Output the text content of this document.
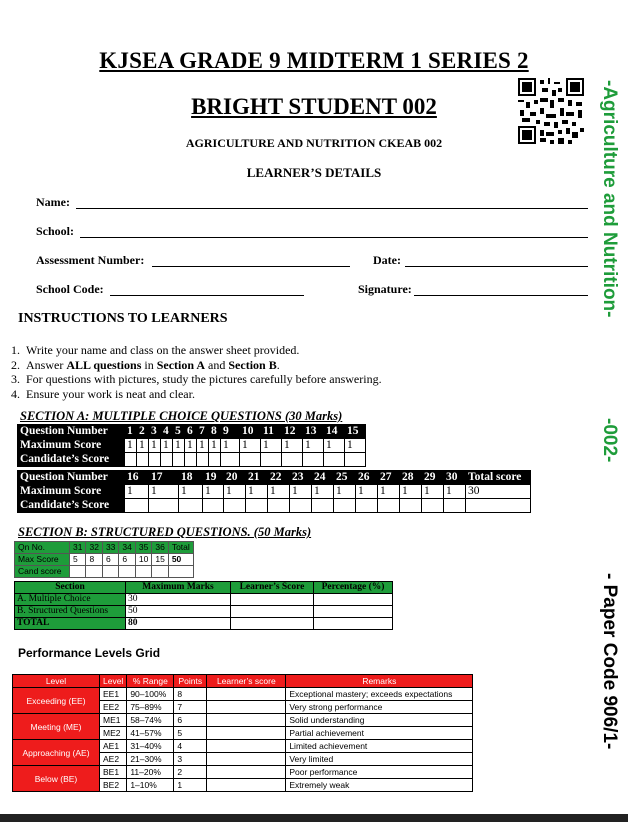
KJSEA GRADE 9 MIDTERM 1 SERIES 2
BRIGHT STUDENT 002
AGRICULTURE AND NUTRITION CKEAB 002
LEARNER’S DETAILS	-Agriculture and Nutrition-
-002-
- Paper Code 906/1-
Name:
School:
Assessment Number:	Date:
School Code:	Signature:
INSTRUCTIONS TO LEARNERS
1. Write your name and class on the answer sheet provided.
2. Answer ALL questions in Section A and Section B.
3. For questions with pictures, study the pictures carefully before answering.
4. Ensure your work is neat and clear.
SECTION A: MULTIPLE CHOICE QUESTIONS (30 Marks)
Question Number	1	2	3	4	5	6	7	8	9	10	11	12	13	14	15
Maximum Score	1	1	1	1	1	1	1	1	1	1	1	1	1	1	1
Candidate’s Score															
Question Number	16	17	18	19	20	21	22	23	24	25	26	27	28	29	30	Total score
Maximum Score	1	1	1	1	1	1	1	1	1	1	1	1	1	1	1	30
Candidate’s Score																
SECTION B: STRUCTURED QUESTIONS. (50 Marks)
Qn No.	31	32	33	34	35	36	Total
Max Score	5	8	6	6	10	15	50
Cand score							
Section	Maximum Marks	Learner’s Score	Percentage (%)
A. Multiple Choice	30		
B. Structured Questions	50		
TOTAL	80		
Performance Levels Grid
Level	Level	% Range	Points	Learner’s score	Remarks
Exceeding (EE)	EE1	90–100%	8		Exceptional mastery; exceeds expectations
	EE2	75–89%	7		Very strong performance
Meeting (ME)	ME1	58–74%	6		Solid understanding
	ME2	41–57%	5		Partial achievement
Approaching (AE)	AE1	31–40%	4		Limited achievement
	AE2	21–30%	3		Very limited
Below (BE)	BE1	11–20%	2		Poor performance
	BE2	1–10%	1		Extremely weak
